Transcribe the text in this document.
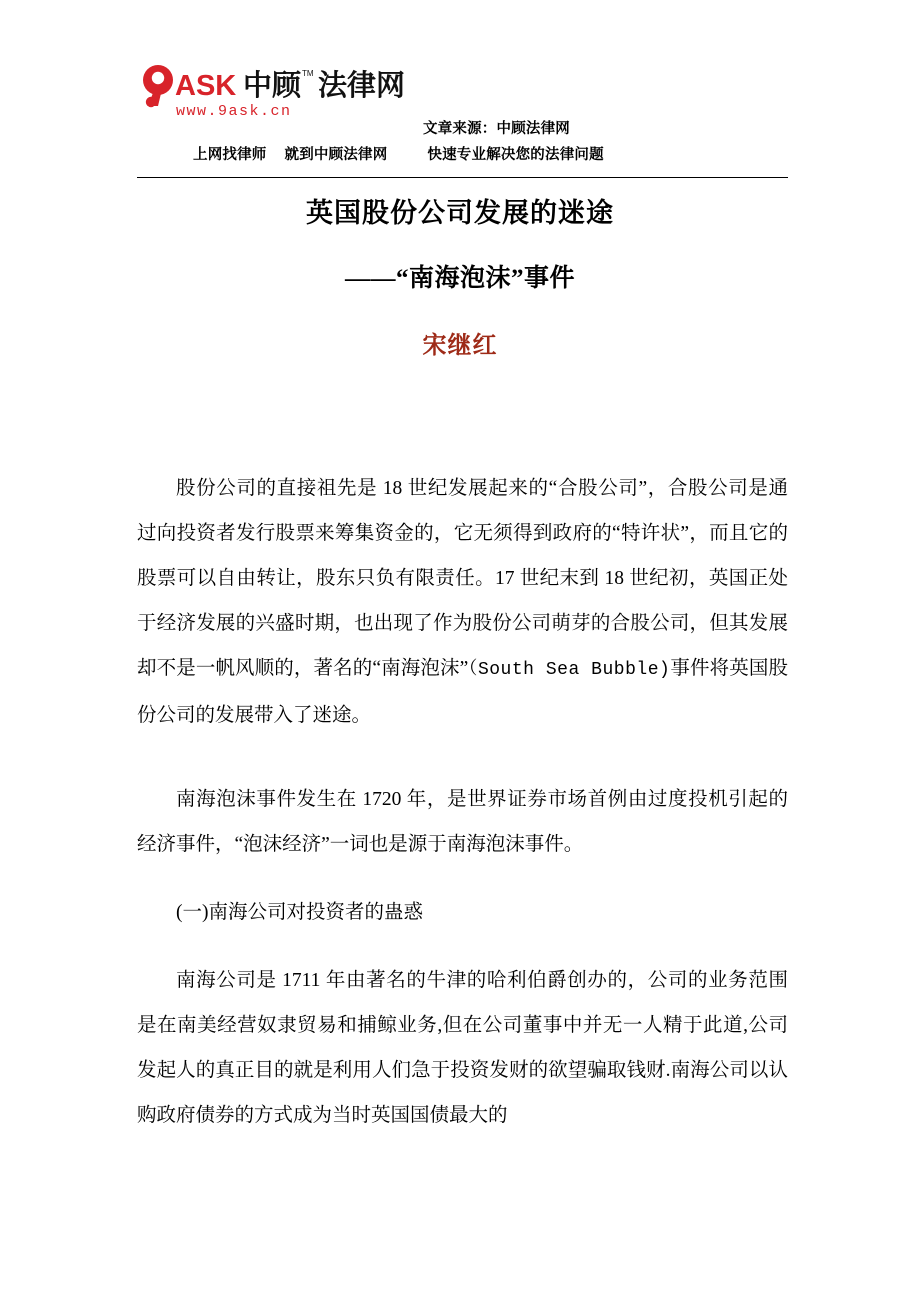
ASK 中顾 TM 法律网
www.9ask.cn
文章来源：中顾法律网
上网找律师 就到中顾法律网	快速专业解决您的法律问题
英国股份公司发展的迷途
——“南海泡沫”事件
宋继红

股份公司的直接祖先是 18 世纪发展起来的“合股公司”，合股公司是通过向投资者发行股票来筹集资金的，它无须得到政府的“特许状”，而且它的股票可以自由转让，股东只负有限责任。17 世纪末到 18 世纪初，英国正处于经济发展的兴盛时期，也出现了作为股份公司萌芽的合股公司，但其发展却不是一帆风顺的，著名的“南海泡沫”（South Sea Bubble)事件将英国股份公司的发展带入了迷途。

南海泡沫事件发生在 1720 年，是世界证券市场首例由过度投机引起的经济事件，“泡沫经济”一词也是源于南海泡沫事件。

(一)南海公司对投资者的蛊惑

南海公司是 1711 年由著名的牛津的哈利伯爵创办的，公司的业务范围是在南美经营奴隶贸易和捕鲸业务,但在公司董事中并无一人精于此道,公司发起人的真正目的就是利用人们急于投资发财的欲望骗取钱财.南海公司以认购政府债券的方式成为当时英国国债最大的
